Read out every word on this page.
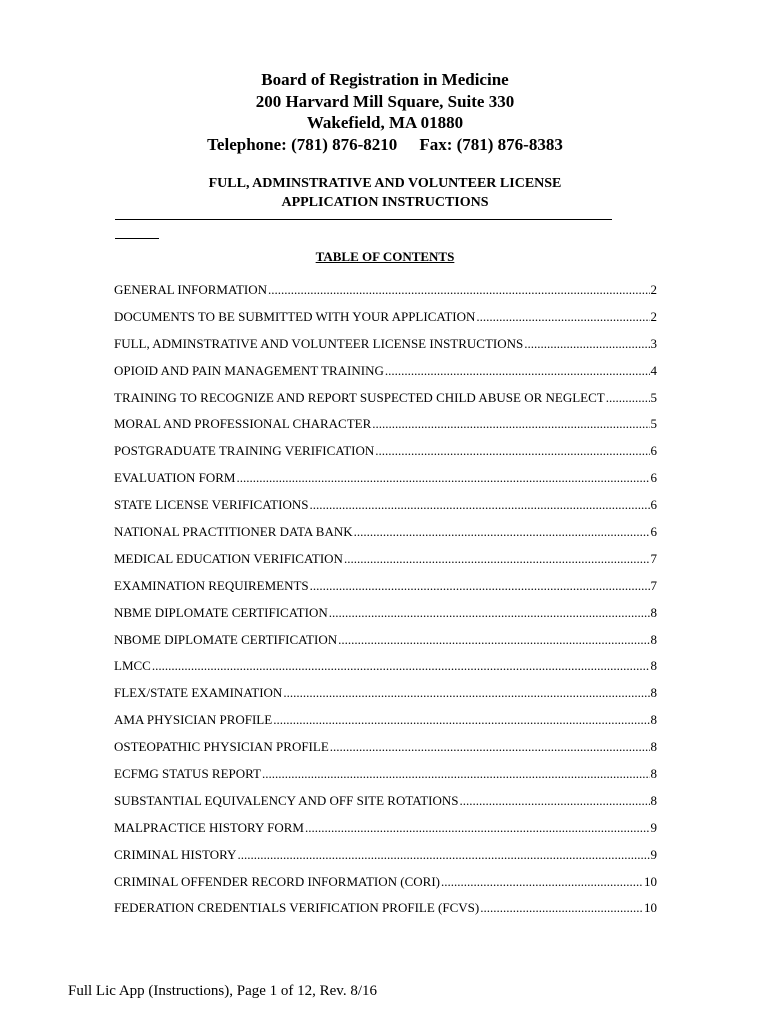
Board of Registration in Medicine
200 Harvard Mill Square, Suite 330
Wakefield, MA 01880
Telephone: (781) 876-8210 Fax: (781) 876-8383
FULL, ADMINSTRATIVE AND VOLUNTEER LICENSE
APPLICATION INSTRUCTIONS
TABLE OF CONTENTS
GENERAL INFORMATION .....	2
DOCUMENTS TO BE SUBMITTED WITH YOUR APPLICATION .....	2
FULL, ADMINSTRATIVE AND VOLUNTEER LICENSE INSTRUCTIONS .....	3
OPIOID AND PAIN MANAGEMENT TRAINING .....	4
TRAINING TO RECOGNIZE AND REPORT SUSPECTED CHILD ABUSE OR NEGLECT .....	5
MORAL AND PROFESSIONAL CHARACTER .....	5
POSTGRADUATE TRAINING VERIFICATION .....	6
EVALUATION FORM .....	6
STATE LICENSE VERIFICATIONS .....	6
NATIONAL PRACTITIONER DATA BANK .....	6
MEDICAL EDUCATION VERIFICATION .....	7
EXAMINATION REQUIREMENTS .....	7
NBME DIPLOMATE CERTIFICATION .....	8
NBOME DIPLOMATE CERTIFICATION .....	8
LMCC .....	8
FLEX/STATE EXAMINATION .....	8
AMA PHYSICIAN PROFILE .....	8
OSTEOPATHIC PHYSICIAN PROFILE .....	8
ECFMG STATUS REPORT .....	8
SUBSTANTIAL EQUIVALENCY AND OFF SITE ROTATIONS .....	8
MALPRACTICE HISTORY FORM .....	9
CRIMINAL HISTORY .....	9
CRIMINAL OFFENDER RECORD INFORMATION (CORI) .....	10
FEDERATION CREDENTIALS VERIFICATION PROFILE (FCVS) .....	10
Full Lic App (Instructions), Page 1 of 12, Rev. 8/16
